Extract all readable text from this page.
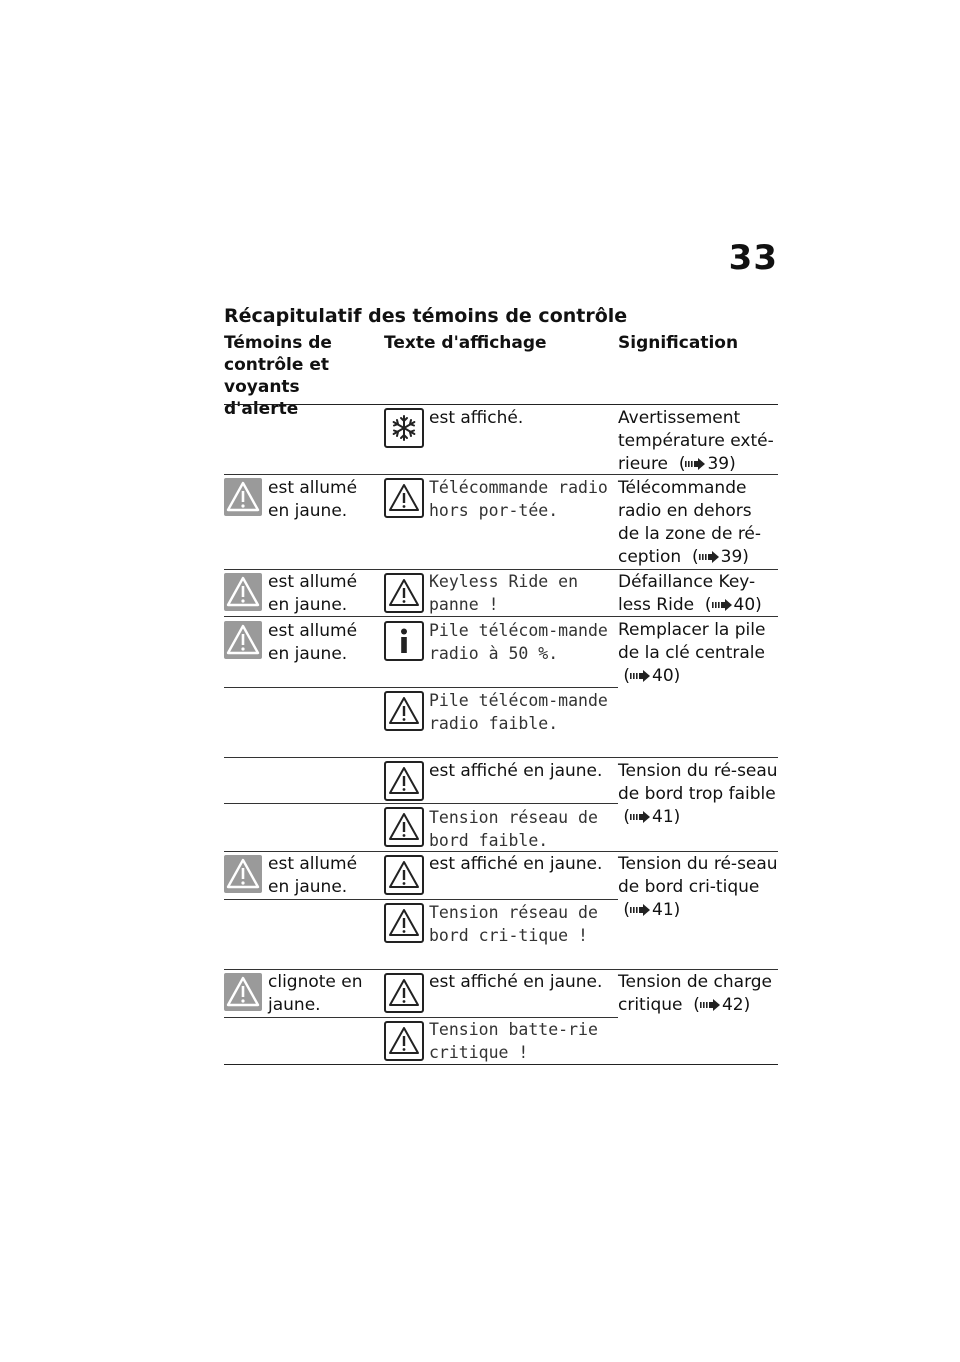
33
Récapitulatif des témoins de contrôle
Témoins de contrôle et voyants d'alerte
Texte d'affichage	Signification
est affiché.	Avertissement température exté-rieure  ( 39)
est allumé en jaune.
Télécommande radio hors por-tée.
Télécommande radio en dehors de la zone de ré-ception  ( 39)
est allumé en jaune.
Keyless Ride en panne !
Défaillance Key-less Ride  ( 40)
est allumé en jaune.
Pile télécom-mande radio à 50 %.
Remplacer la pile de la clé centrale  ( 40)
Pile télécom-mande radio faible.
est affiché en jaune. Tension du ré-seau de bord trop faible  ( 41)
Tension réseau de bord faible.
est allumé en jaune.
est affiché en jaune. Tension du ré-seau de bord cri-tique  ( 41)
Tension réseau de bord cri-tique !
clignote en jaune.
est affiché en jaune. Tension de charge critique  ( 42)
Tension batte-rie critique !
